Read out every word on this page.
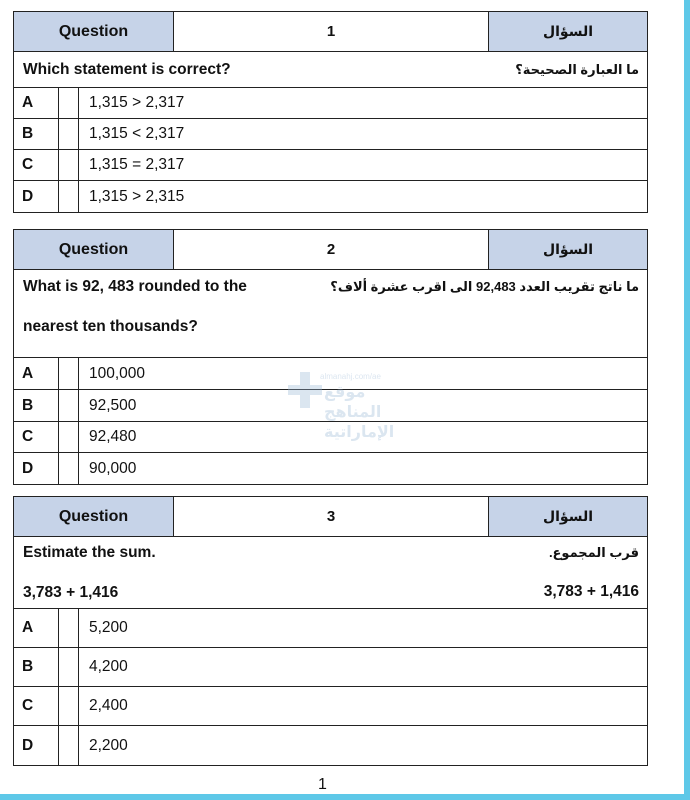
Question	1	السؤال
Which statement is correct?	ما العبارة الصحيحة؟
A	1,315 > 2,317
B	1,315 < 2,317
C	1,315 = 2,317
D	1,315 > 2,315
Question	2	السؤال
What is 92, 483 rounded to the
nearest ten thousands?
ما ناتج تقريب العدد 92,483 الى اقرب عشرة ألاف؟
A	100,000
B	92,500
C	92,480
D	90,000
almanahj.com/ae
موقع المناهج الإماراتية
Question	3	السؤال
Estimate the sum.	قرب المجموع.
3,783 + 1,416	3,783 + 1,416
A	5,200
B	4,200
C	2,400
D	2,200
1
